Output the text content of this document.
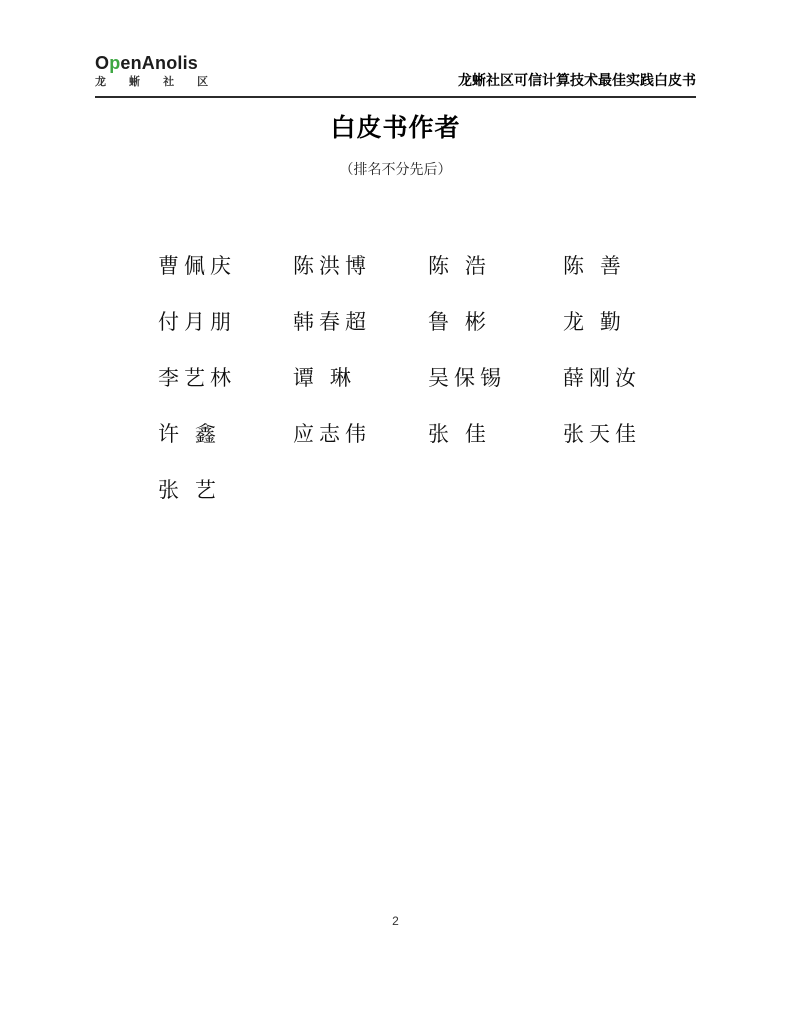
OpenAnolis
龙 蜥 社 区	龙蜥社区可信计算技术最佳实践白皮书
白皮书作者
（排名不分先后）
曹佩庆	陈洪博	陈 浩	陈 善
付月朋	韩春超	鲁 彬	龙 勤
李艺林	谭 琳	吴保锡	薛刚汝
许 鑫	应志伟	张 佳	张天佳
张 艺
2
